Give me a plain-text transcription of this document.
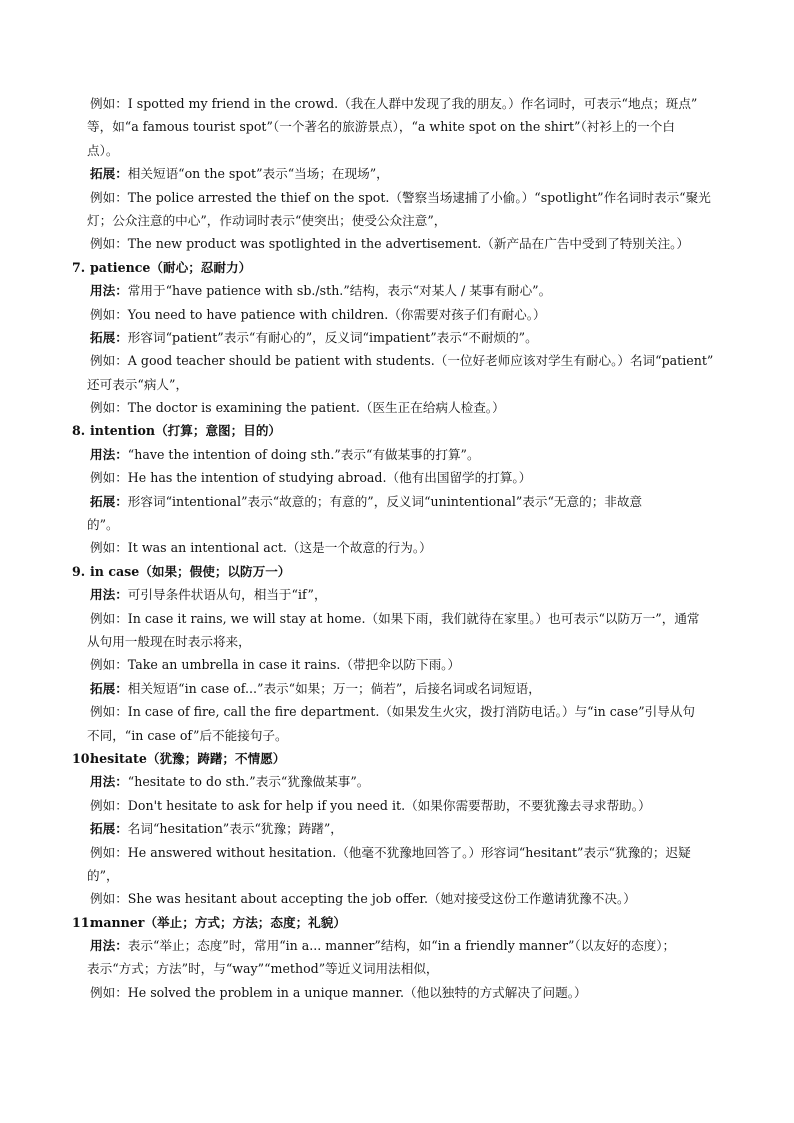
例如：I spotted my friend in the crowd.（我在人群中发现了我的朋友。）作名词时，可表示“地点；斑点”
等，如“a famous tourist spot”（一个著名的旅游景点），“a white spot on the shirt”（衬衫上的一个白
点）。
拓展：相关短语“on the spot”表示“当场；在现场”，
例如：The police arrested the thief on the spot.（警察当场逮捕了小偷。）“spotlight”作名词时表示“聚光
灯；公众注意的中心”，作动词时表示“使突出；使受公众注意”，
例如：The new product was spotlighted in the advertisement.（新产品在广告中受到了特别关注。）
7. patience（耐心；忍耐力）
用法：常用于“have patience with sb./sth.”结构，表示“对某人 / 某事有耐心”。
例如：You need to have patience with children.（你需要对孩子们有耐心。）
拓展：形容词“patient”表示“有耐心的”，反义词“impatient”表示“不耐烦的”。
例如：A good teacher should be patient with students.（一位好老师应该对学生有耐心。）名词“patient”
还可表示“病人”，
例如：The doctor is examining the patient.（医生正在给病人检查。）
8. intention（打算；意图；目的）
用法：“have the intention of doing sth.”表示“有做某事的打算”。
例如：He has the intention of studying abroad.（他有出国留学的打算。）
拓展：形容词“intentional”表示“故意的；有意的”，反义词“unintentional”表示“无意的；非故意
的”。
例如：It was an intentional act.（这是一个故意的行为。）
9. in case（如果；假使；以防万一）
用法：可引导条件状语从句，相当于“if”，
例如：In case it rains, we will stay at home.（如果下雨，我们就待在家里。）也可表示“以防万一”，通常
从句用一般现在时表示将来，
例如：Take an umbrella in case it rains.（带把伞以防下雨。）
拓展：相关短语“in case of...”表示“如果；万一；倘若”，后接名词或名词短语，
例如：In case of fire, call the fire department.（如果发生火灾，拨打消防电话。）与“in case”引导从句
不同，“in case of”后不能接句子。
10.hesitate（犹豫；踌躇；不情愿）
用法：“hesitate to do sth.”表示“犹豫做某事”。
例如：Don't hesitate to ask for help if you need it.（如果你需要帮助，不要犹豫去寻求帮助。）
拓展：名词“hesitation”表示“犹豫；踌躇”，
例如：He answered without hesitation.（他毫不犹豫地回答了。）形容词“hesitant”表示“犹豫的；迟疑
的”，
例如：She was hesitant about accepting the job offer.（她对接受这份工作邀请犹豫不决。）
11.manner（举止；方式；方法；态度；礼貌）
用法：表示“举止；态度”时，常用“in a... manner”结构，如“in a friendly manner”（以友好的态度）；
表示“方式；方法”时，与“way”“method”等近义词用法相似，
例如：He solved the problem in a unique manner.（他以独特的方式解决了问题。）
